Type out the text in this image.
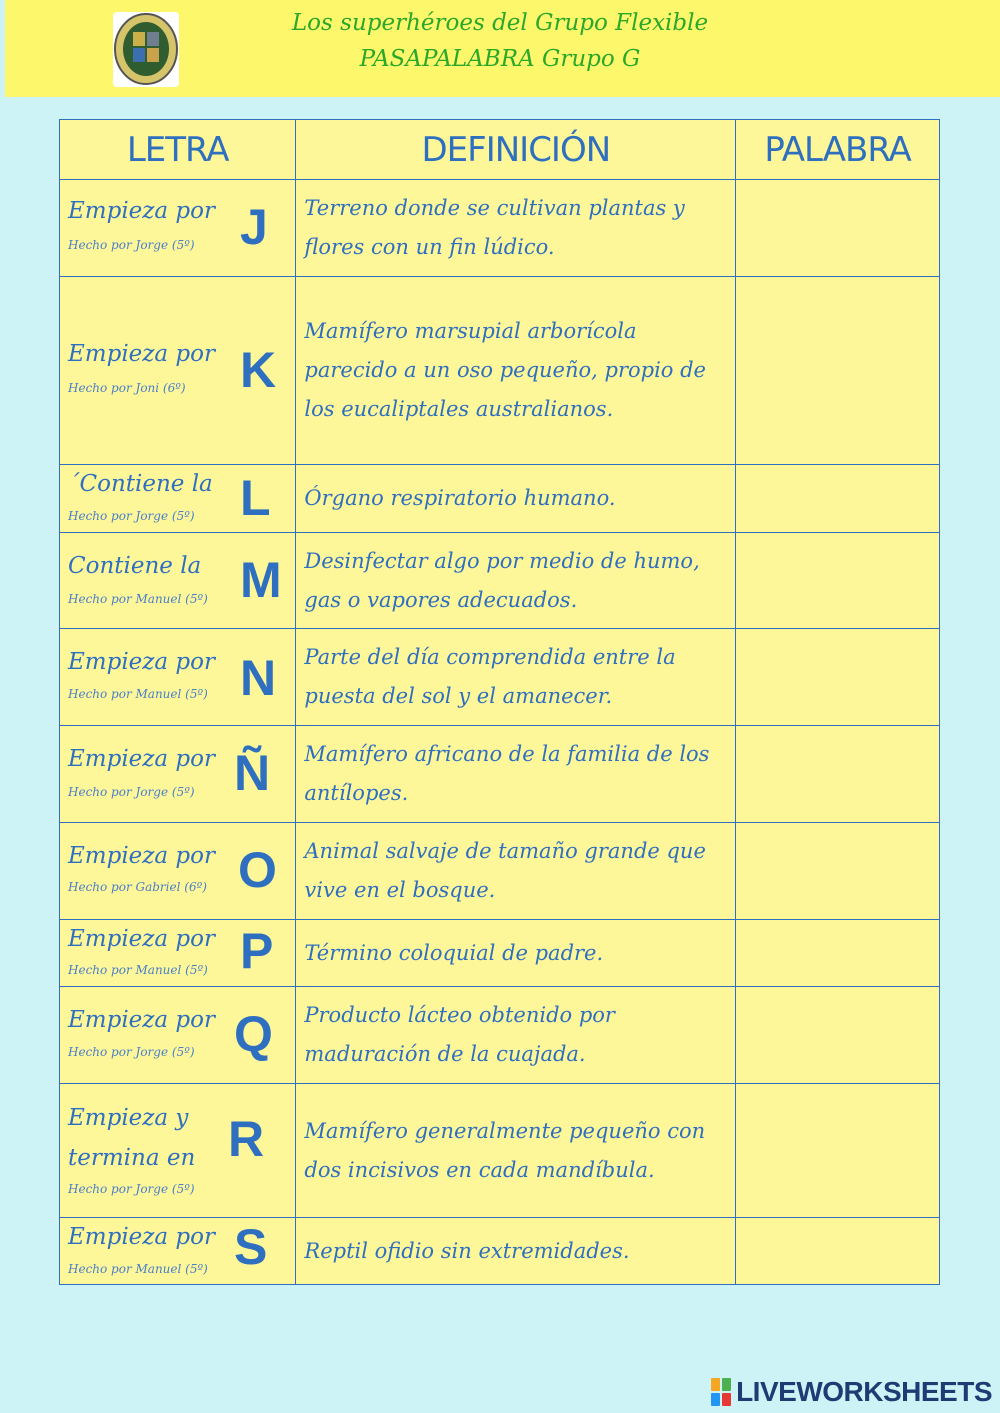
Los superhéroes del Grupo Flexible
PASAPALABRA Grupo G
LETRA	DEFINICIÓN	PALABRA

Empieza por
Hecho por Jorge (5º) J	Terreno donde se cultivan plantas y flores con un fin lúdico.	

Empieza por
Hecho por Joni (6º) K	Mamífero marsupial arborícola parecido a un oso pequeño, propio de los eucaliptales australianos.	

´Contiene la
Hecho por Jorge (5º) L	Órgano respiratorio humano.	

Contiene la
Hecho por Manuel (5º) M	Desinfectar algo por medio de humo, gas o vapores adecuados.	

Empieza por
Hecho por Manuel (5º) N	Parte del día comprendida entre la puesta del sol y el amanecer.	

Empieza por
Hecho por Jorge (5º) Ñ	Mamífero africano de la familia de los antílopes.	

Empieza por
Hecho por Gabriel (6º) O	Animal salvaje de tamaño grande que vive en el bosque.	

Empieza por
Hecho por Manuel (5º) P	Término coloquial de padre.	

Empieza por
Hecho por Jorge (5º) Q	Producto lácteo obtenido por maduración de la cuajada.	

Empieza y termina en
Hecho por Jorge (5º)
R	Mamífero generalmente pequeño con dos incisivos en cada mandíbula.	

Empieza por
Hecho por Manuel (5º) S	Reptil ofidio sin extremidades.	

LIVEWORKSHEETS
